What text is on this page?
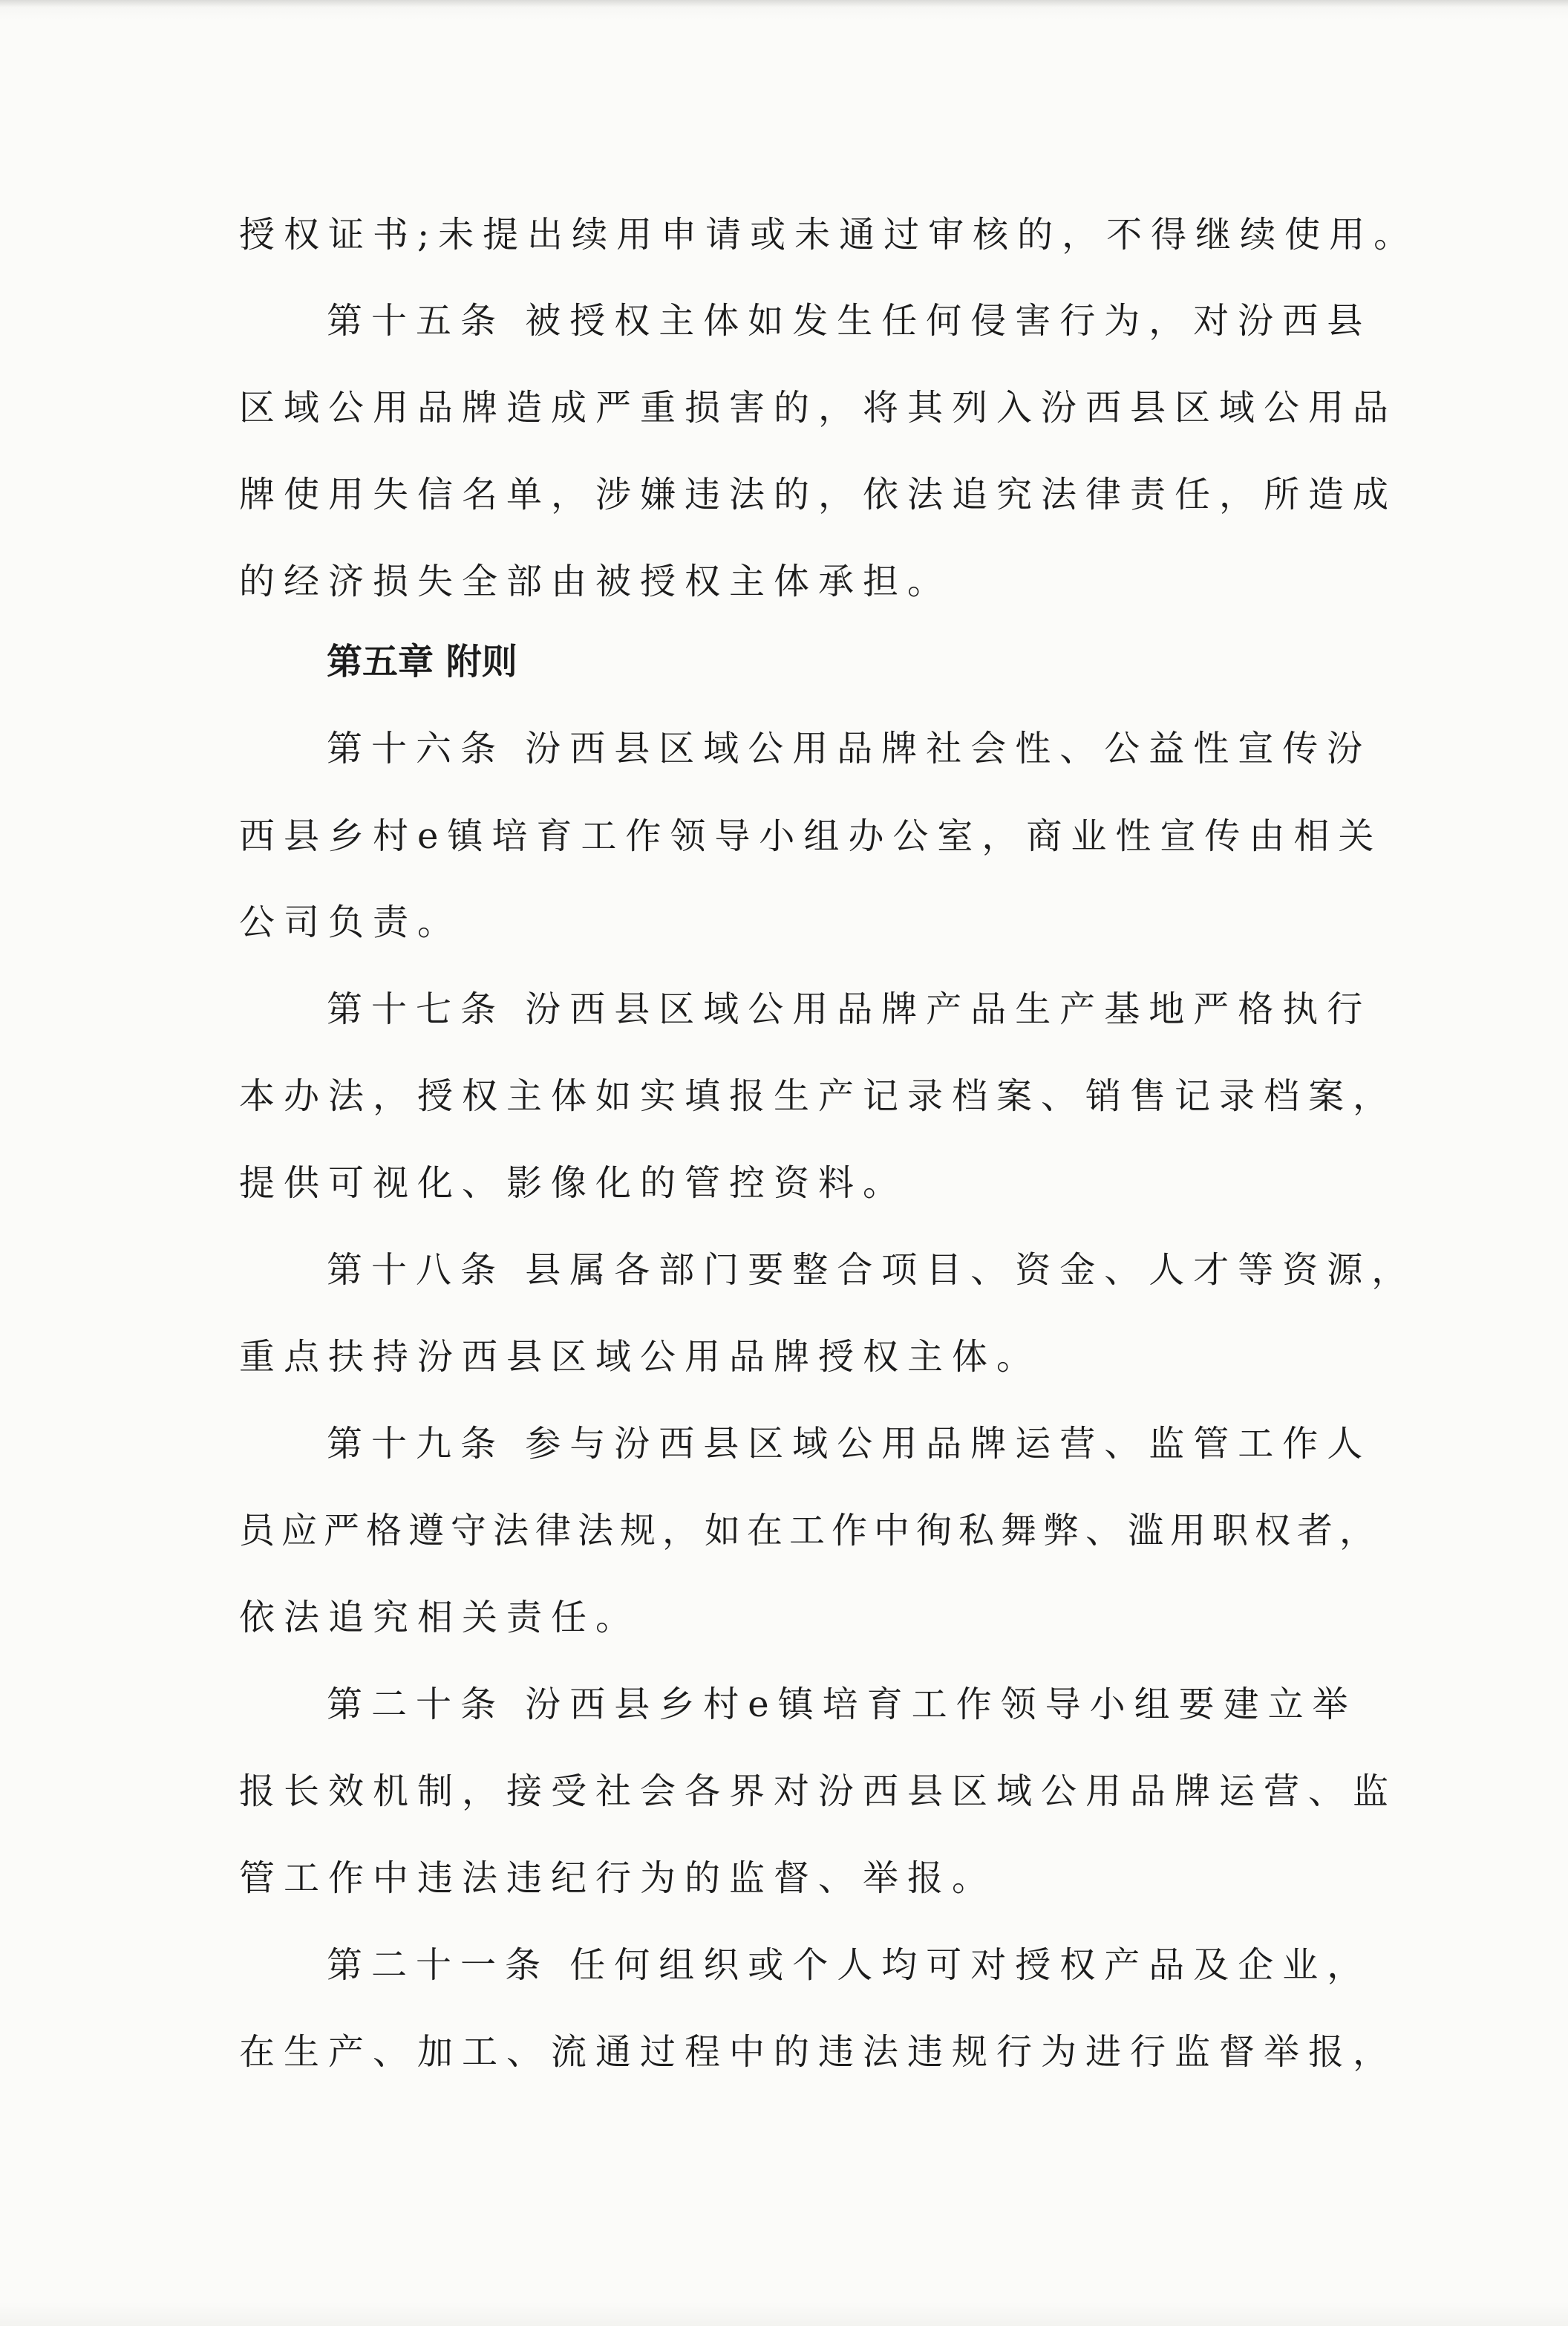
授权证书;未提出续用申请或未通过审核的，不得继续使用。
第十五条 被授权主体如发生任何侵害行为，对汾西县
区域公用品牌造成严重损害的，将其列入汾西县区域公用品
牌使用失信名单，涉嫌违法的，依法追究法律责任，所造成
的经济损失全部由被授权主体承担。
第五章 附则
第十六条 汾西县区域公用品牌社会性、公益性宣传汾
西县乡村e镇培育工作领导小组办公室，商业性宣传由相关
公司负责。
第十七条 汾西县区域公用品牌产品生产基地严格执行
本办法，授权主体如实填报生产记录档案、销售记录档案，
提供可视化、影像化的管控资料。
第十八条 县属各部门要整合项目、资金、人才等资源，
重点扶持汾西县区域公用品牌授权主体。
第十九条 参与汾西县区域公用品牌运营、监管工作人
员应严格遵守法律法规，如在工作中徇私舞弊、滥用职权者，
依法追究相关责任。
第二十条 汾西县乡村e镇培育工作领导小组要建立举
报长效机制，接受社会各界对汾西县区域公用品牌运营、监
管工作中违法违纪行为的监督、举报。
第二十一条 任何组织或个人均可对授权产品及企业，
在生产、加工、流通过程中的违法违规行为进行监督举报，
